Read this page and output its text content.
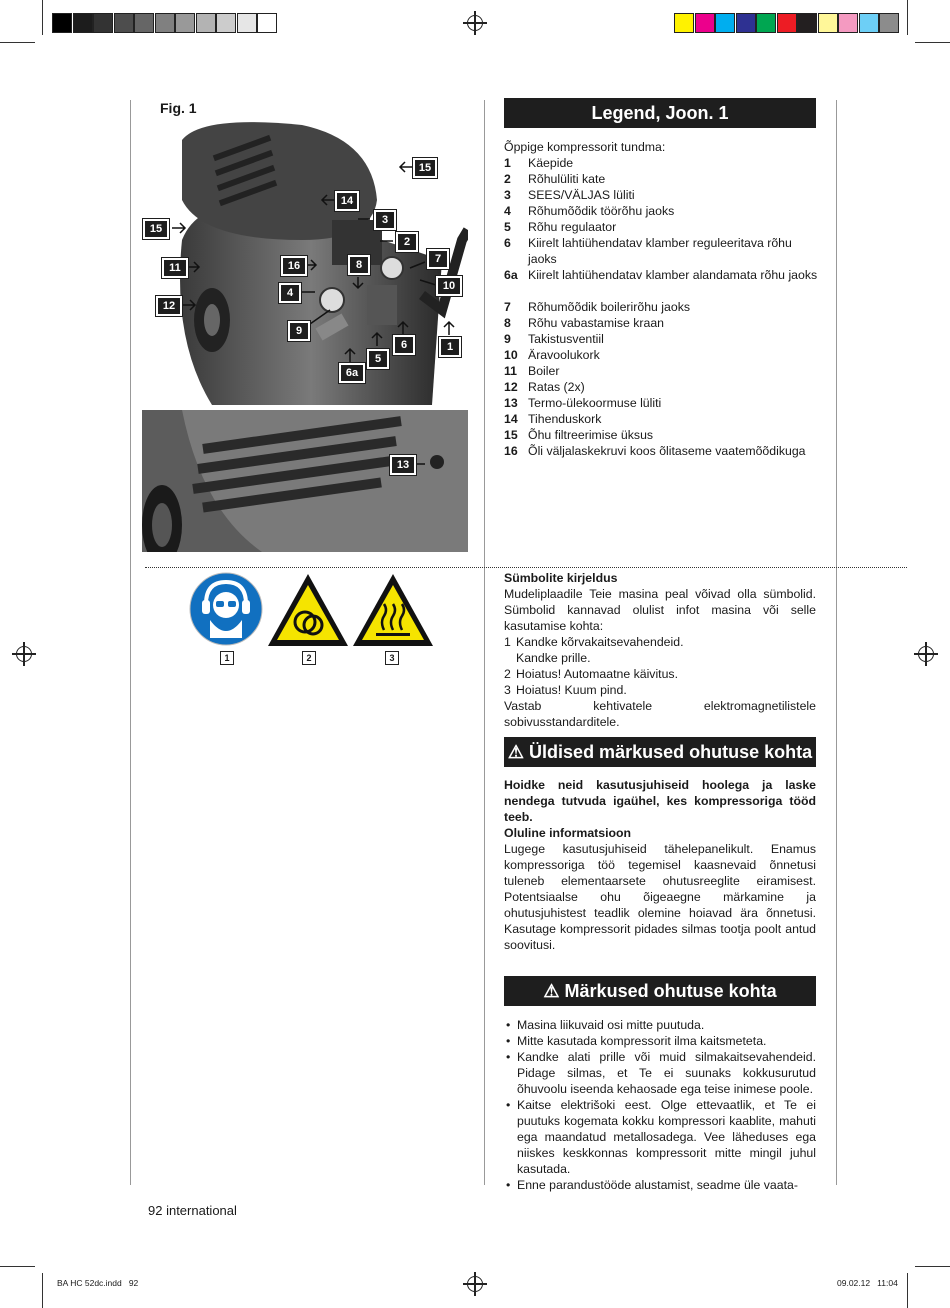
Fig. 1
15
14
3
2
15
7
11	16	8
10
4
12
9
6	1
5
6a
13
Legend, Joon. 1
Õppige kompressorit tundma:
1 Käepide
2 Rõhulüliti kate
3 SEES/VÄLJAS lüliti
4 Rõhumõõdik töörõhu jaoks
5 Rõhu regulaator
6 Kiirelt lahtiühendatav klamber reguleeritava rõhu jaoks
6a Kiirelt lahtiühendatav klamber alandamata rõhu jaoks
7 Rõhumõõdik boilerirõhu jaoks
8 Rõhu vabastamise kraan
9 Takistusventiil
10 Äravoolukork
11 Boiler
12 Ratas (2x)
13 Termo-ülekoormuse lüliti
14 Tihenduskork
15 Õhu filtreerimise üksus
16 Õli väljalaskekruvi koos õlitaseme vaatemõõdikuga
1	2	3
Sümbolite kirjeldus
Mudeliplaadile Teie masina peal võivad olla sümbolid. Sümbolid kannavad olulist infot masina või selle kasutamise kohta:
1 Kandke kõrvakaitsevahendeid.
Kandke prille.
2 Hoiatus! Automaatne käivitus.
3 Hoiatus! Kuum pind.
Vastab kehtivatele elektromagnetilistele sobivusstandarditele.
⚠ Üldised märkused ohutuse kohta
Hoidke neid kasutusjuhiseid hoolega ja laske nendega tutvuda igaühel, kes kompressoriga tööd teeb.
Oluline informatsioon
Lugege kasutusjuhiseid tähelepanelikult. Enamus kompressoriga töö tegemisel kaasnevaid õnnetusi tuleneb elementaarsete ohutusreeglite eiramisest. Potentsiaalse ohu õigeaegne märkamine ja ohutusjuhistest teadlik olemine hoiavad ära õnnetusi. Kasutage kompressorit pidades silmas tootja poolt antud soovitusi.
⚠ Märkused ohutuse kohta
• Masina liikuvaid osi mitte puutuda.
• Mitte kasutada kompressorit ilma kaitsmeteta.
• Kandke alati prille või muid silmakaitsevahendeid. Pidage silmas, et Te ei suunaks kokkusurutud õhuvoolu iseenda kehaosade ega teise inimese poole.
• Kaitse elektrišoki eest. Olge ettevaatlik, et Te ei puutuks kogemata kokku kompressori kaablite, mahuti ega maandatud metallosadega. Vee läheduses ega niiskes keskkonnas kompressorit mitte mingil juhul kasutada.
• Enne parandustööde alustamist, seadme üle vaata-
92 international
BA HC 52dc.indd   92	09.02.12   11:04
